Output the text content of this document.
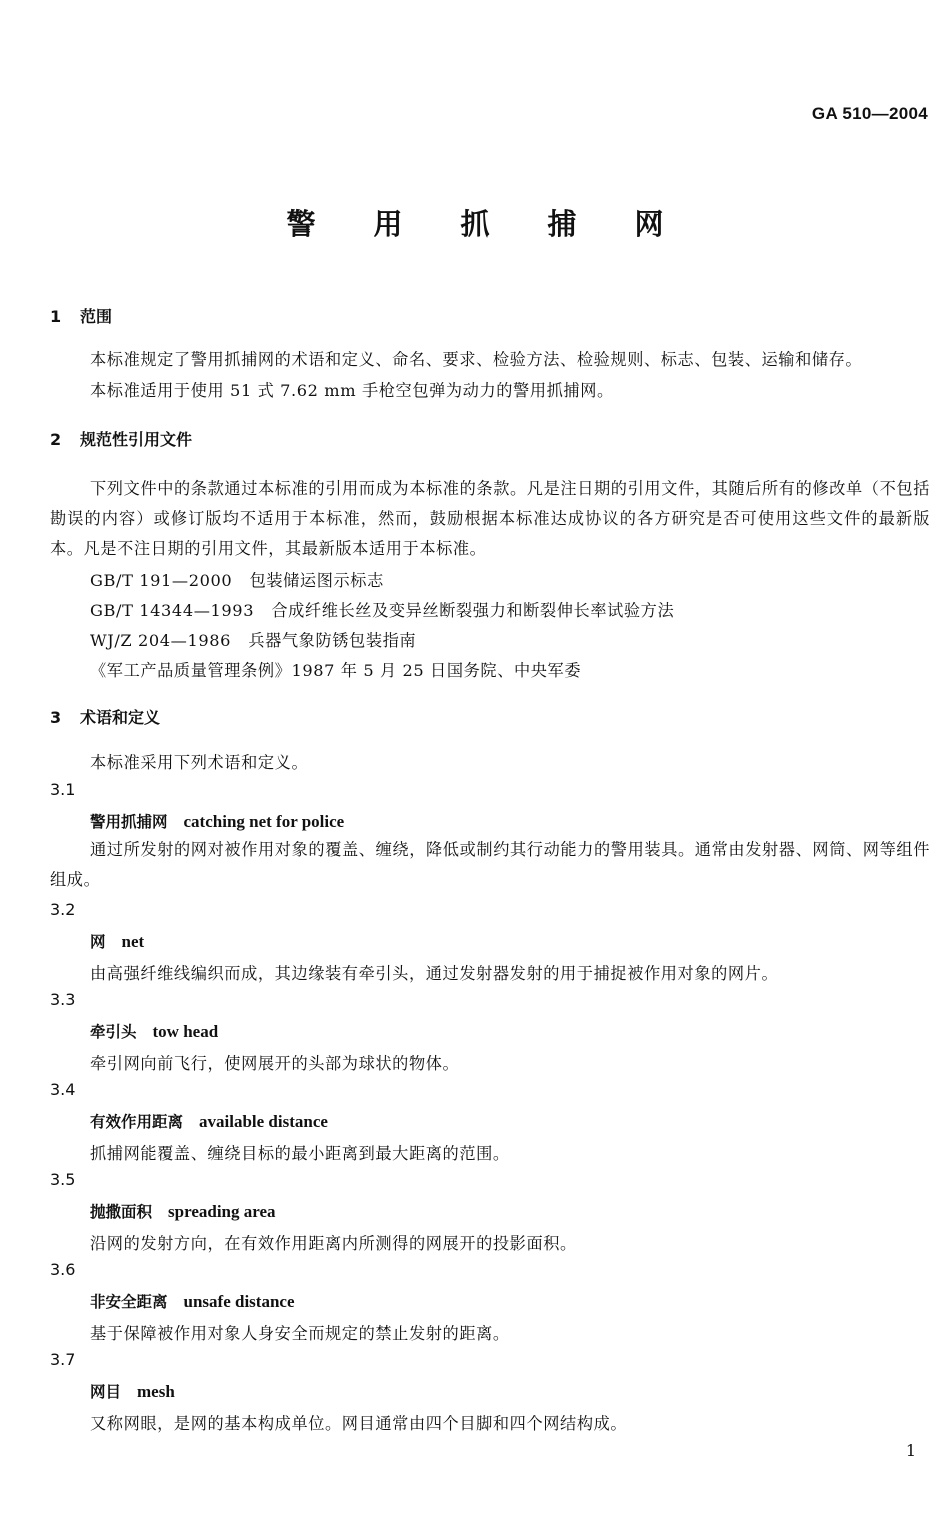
GA 510—2004
警用抓捕网
1 范围
本标准规定了警用抓捕网的术语和定义、命名、要求、检验方法、检验规则、标志、包装、运输和储存。
本标准适用于使用 51 式 7.62 mm 手枪空包弹为动力的警用抓捕网。
2 规范性引用文件
下列文件中的条款通过本标准的引用而成为本标准的条款。凡是注日期的引用文件，其随后所有的修改单（不包括勘误的内容）或修订版均不适用于本标准，然而，鼓励根据本标准达成协议的各方研究是否可使用这些文件的最新版本。凡是不注日期的引用文件，其最新版本适用于本标准。
GB/T 191—2000 包装储运图示标志
GB/T 14344—1993 合成纤维长丝及变异丝断裂强力和断裂伸长率试验方法
WJ/Z 204—1986 兵器气象防锈包装指南
《军工产品质量管理条例》1987 年 5 月 25 日国务院、中央军委
3 术语和定义
本标准采用下列术语和定义。
3.1
警用抓捕网 catching net for police
通过所发射的网对被作用对象的覆盖、缠绕，降低或制约其行动能力的警用装具。通常由发射器、网筒、网等组件组成。
3.2
网 net
由高强纤维线编织而成，其边缘装有牵引头，通过发射器发射的用于捕捉被作用对象的网片。
3.3
牵引头 tow head
牵引网向前飞行，使网展开的头部为球状的物体。
3.4
有效作用距离 available distance
抓捕网能覆盖、缠绕目标的最小距离到最大距离的范围。
3.5
抛撒面积 spreading area
沿网的发射方向，在有效作用距离内所测得的网展开的投影面积。
3.6
非安全距离 unsafe distance
基于保障被作用对象人身安全而规定的禁止发射的距离。
3.7
网目 mesh
又称网眼，是网的基本构成单位。网目通常由四个目脚和四个网结构成。
1
